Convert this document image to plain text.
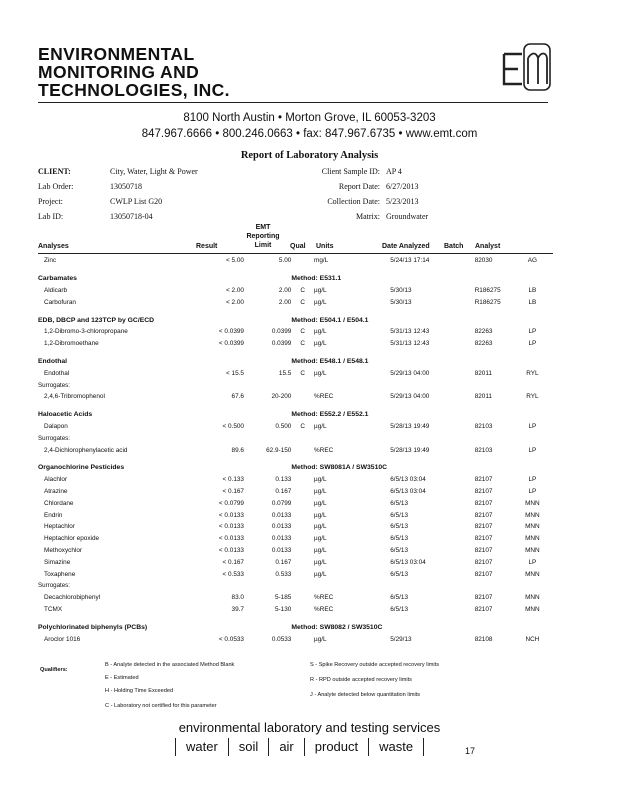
ENVIRONMENTAL
MONITORING AND
TECHNOLOGIES, INC.
8100 North Austin • Morton Grove, IL 60053-3203
847.967.6666 • 800.246.0663 • fax: 847.967.6735 • www.emt.com
Report of Laboratory Analysis
CLIENT:	City, Water, Light & Power
Lab Order:	13050718
Project:	CWLP List G20
Lab ID:	13050718-04
Client Sample ID: AP 4
Report Date: 6/27/2013
Collection Date: 5/23/2013
Matrix: Groundwater
Analyses	Result
EMT
Reporting
Limit	Qual Units	Date Analyzed Batch Analyst
Zinc	< 5.00	5.00		mg/L	5/24/13 17:14	82030	AG
Carbamates			Method: E531.1				
Aldicarb	< 2.00	2.00	C	µg/L	5/30/13	R186275	LB
Carbofuran	< 2.00	2.00	C	µg/L	5/30/13	R186275	LB
EDB, DBCP and 123TCP by GC/ECD			Method: E504.1 / E504.1				
1,2-Dibromo-3-chloropropane	< 0.0399	0.0399	C	µg/L	5/31/13 12:43	82263	LP
1,2-Dibromoethane	< 0.0399	0.0399	C	µg/L	5/31/13 12:43	82263	LP
Endothal			Method: E548.1 / E548.1				
Endothal	< 15.5	15.5	C	µg/L	5/29/13 04:00	82011	RYL
Surrogates:							
2,4,6-Tribromophenol	67.6	20-200		%REC	5/29/13 04:00	82011	RYL
Haloacetic Acids			Method: E552.2 / E552.1				
Dalapon	< 0.500	0.500	C	µg/L	5/28/13 19:49	82103	LP
Surrogates:							
2,4-Dichlorophenylacetic acid	89.6	62.9-150		%REC	5/28/13 19:49	82103	LP
Organochlorine Pesticides			Method: SW8081A / SW3510C				
Alachlor	< 0.133	0.133		µg/L	6/5/13 03:04	82107	LP
Atrazine	< 0.167	0.167		µg/L	6/5/13 03:04	82107	LP
Chlordane	< 0.0799	0.0799		µg/L	6/5/13	82107	MNN
Endrin	< 0.0133	0.0133		µg/L	6/5/13	82107	MNN
Heptachlor	< 0.0133	0.0133		µg/L	6/5/13	82107	MNN
Heptachlor epoxide	< 0.0133	0.0133		µg/L	6/5/13	82107	MNN
Methoxychlor	< 0.0133	0.0133		µg/L	6/5/13	82107	MNN
Simazine	< 0.167	0.167		µg/L	6/5/13 03:04	82107	LP
Toxaphene	< 0.533	0.533		µg/L	6/5/13	82107	MNN
Surrogates:							
Decachlorobiphenyl	83.0	5-185		%REC	6/5/13	82107	MNN
TCMX	39.7	5-130		%REC	6/5/13	82107	MNN
Polychlorinated biphenyls (PCBs)			Method: SW8082 / SW3510C				
Aroclor 1016	< 0.0533	0.0533		µg/L	5/29/13	82108	NCH
Qualifiers:
B - Analyte detected in the associated Method Blank
E - Estimated
H - Holding Time Exceeded
C - Laboratory not certified for this parameter
S - Spike Recovery outside accepted recovery limits
R - RPD outside accepted recovery limits
J - Analyte detected below quantitation limits
environmental laboratory and testing services
water	soil	air	product	waste	17
